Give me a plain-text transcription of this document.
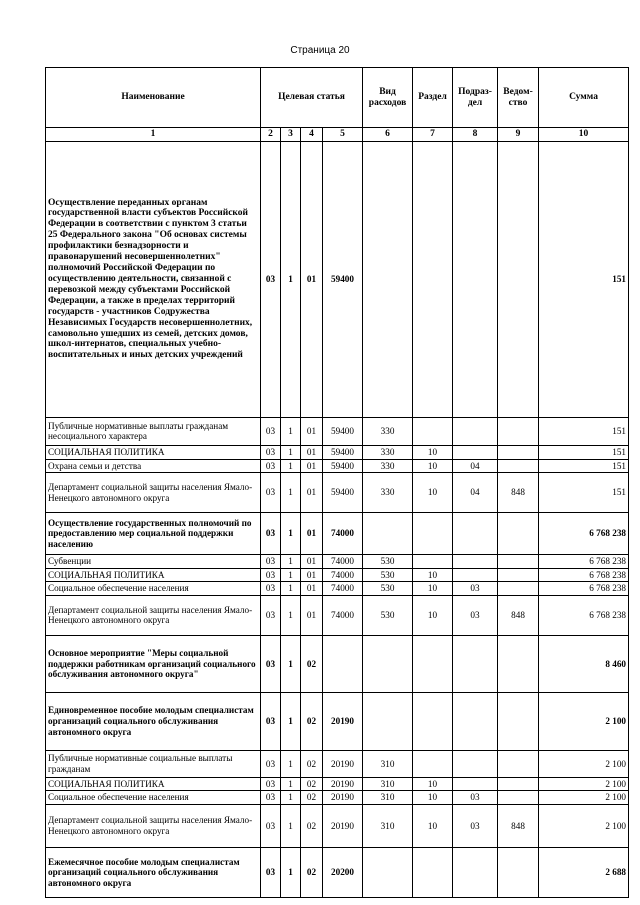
Страница 20
Наименование	Целевая статья				Вид расходов	Раздел	Подраз-дел	Ведом-ство	Сумма
1	2	3	4	5	6	7	8	9	10
Осуществление переданных органам государственной власти субъектов Российской Федерации в соответствии с пунктом 3 статьи 25 Федерального закона "Об основах системы профилактики безнадзорности и правонарушений несовершеннолетних" полномочий Российской Федерации по осуществлению деятельности, связанной с перевозкой между субъектами Российской Федерации, а также в пределах территорий государств - участников Содружества Независимых Государств несовершеннолетних, самовольно ушедших из семей, детских домов, школ-интернатов, специальных учебно-воспитательных и иных детских учреждений	03	1	01	59400					151
Публичные нормативные выплаты гражданам несоциального характера	03	1	01	59400	330				151
СОЦИАЛЬНАЯ ПОЛИТИКА	03	1	01	59400	330	10			151
Охрана семьи и детства	03	1	01	59400	330	10	04		151
Департамент социальной защиты населения Ямало-Ненецкого автономного округа	03	1	01	59400	330	10	04	848	151
Осуществление государственных полномочий по предоставлению мер социальной поддержки населению	03	1	01	74000					6 768 238
Субвенции	03	1	01	74000	530				6 768 238
СОЦИАЛЬНАЯ ПОЛИТИКА	03	1	01	74000	530	10			6 768 238
Социальное обеспечение населения	03	1	01	74000	530	10	03		6 768 238
Департамент социальной защиты населения Ямало-Ненецкого автономного округа	03	1	01	74000	530	10	03	848	6 768 238
Основное мероприятие "Меры социальной поддержки работникам организаций социального обслуживания автономного округа"	03	1	02						8 460
Единовременное пособие молодым специалистам организаций социального обслуживания автономного округа	03	1	02	20190					2 100
Публичные нормативные социальные выплаты гражданам	03	1	02	20190	310				2 100
СОЦИАЛЬНАЯ ПОЛИТИКА	03	1	02	20190	310	10			2 100
Социальное обеспечение населения	03	1	02	20190	310	10	03		2 100
Департамент социальной защиты населения Ямало-Ненецкого автономного округа	03	1	02	20190	310	10	03	848	2 100
Ежемесячное пособие молодым специалистам организаций социального обслуживания автономного округа	03	1	02	20200					2 688
